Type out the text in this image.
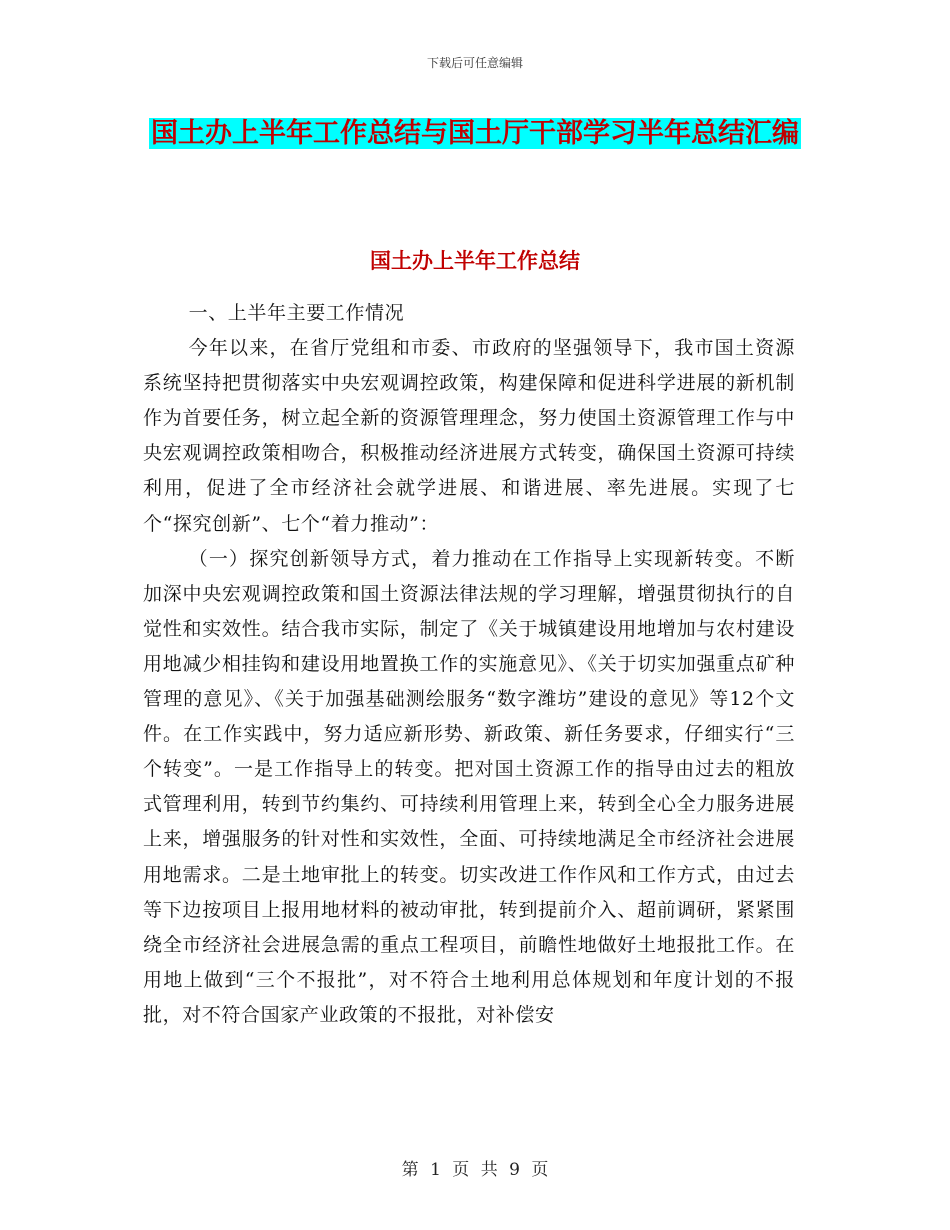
下载后可任意编辑
国土办上半年工作总结与国土厅干部学习半年总结汇编
国土办上半年工作总结

一、上半年主要工作情况

今年以来，在省厅党组和市委、市政府的坚强领导下，我市国土资源系统坚持把贯彻落实中央宏观调控政策，构建保障和促进科学进展的新机制作为首要任务，树立起全新的资源管理理念，努力使国土资源管理工作与中央宏观调控政策相吻合，积极推动经济进展方式转变，确保国土资源可持续利用，促进了全市经济社会就学进展、和谐进展、率先进展。实现了七个“探究创新”、七个“着力推动”：

（一）探究创新领导方式，着力推动在工作指导上实现新转变。不断加深中央宏观调控政策和国土资源法律法规的学习理解，增强贯彻执行的自觉性和实效性。结合我市实际，制定了《关于城镇建设用地增加与农村建设用地减少相挂钩和建设用地置换工作的实施意见》、《关于切实加强重点矿种管理的意见》、《关于加强基础测绘服务“数字潍坊”建设的意见》等12个文件。在工作实践中，努力适应新形势、新政策、新任务要求，仔细实行“三个转变”。一是工作指导上的转变。把对国土资源工作的指导由过去的粗放式管理利用，转到节约集约、可持续利用管理上来，转到全心全力服务进展上来，增强服务的针对性和实效性，全面、可持续地满足全市经济社会进展用地需求。二是土地审批上的转变。切实改进工作作风和工作方式，由过去等下边按项目上报用地材料的被动审批，转到提前介入、超前调研，紧紧围绕全市经济社会进展急需的重点工程项目，前瞻性地做好土地报批工作。在用地上做到“三个不报批”，对不符合土地利用总体规划和年度计划的不报批，对不符合国家产业政策的不报批，对补偿安

第 1 页 共 9 页
